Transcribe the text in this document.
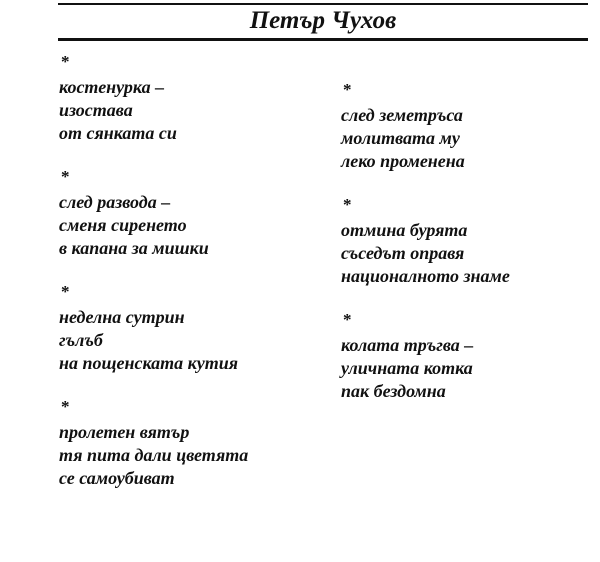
Петър Чухов
*
костенурка –
изостава
от сянката си
*
след развода –
сменя сиренето
в капана за мишки
*
неделна сутрин
гълъб
на пощенската кутия
*
пролетен вятър
тя пита дали цветята
се самоубиват
*
след земетръса
молитвата му
леко променена
*
отмина бурята
съседът оправя
националното знаме
*
колата тръгва –
уличната котка
пак бездомна
